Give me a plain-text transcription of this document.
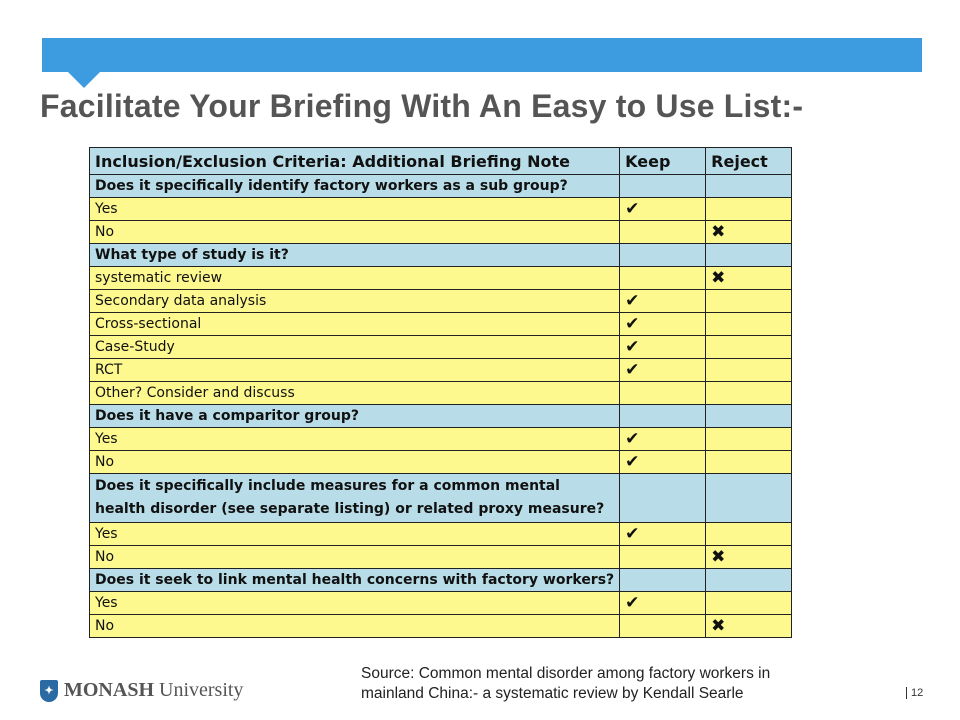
Facilitate Your Briefing With An Easy to Use List:-
Inclusion/Exclusion Criteria: Additional Briefing Note	Keep	Reject
Does it specifically identify factory workers as a sub group?		
Yes	✔	
No		✖
What type of study is it?		
systematic review		✖
Secondary data analysis	✔	
Cross-sectional	✔	
Case-Study	✔	
RCT	✔	
Other? Consider and discuss		
Does it have a comparitor group?		
Yes	✔	
No	✔	
Does it specifically include measures for a common mental health disorder (see separate listing) or related proxy measure?		
Yes	✔	
No		✖
Does it seek to link mental health concerns with factory workers?		
Yes	✔	
No		✖
✦ MONASH University
Source: Common mental disorder among factory workers in
mainland China:- a systematic review by Kendall Searle	12
